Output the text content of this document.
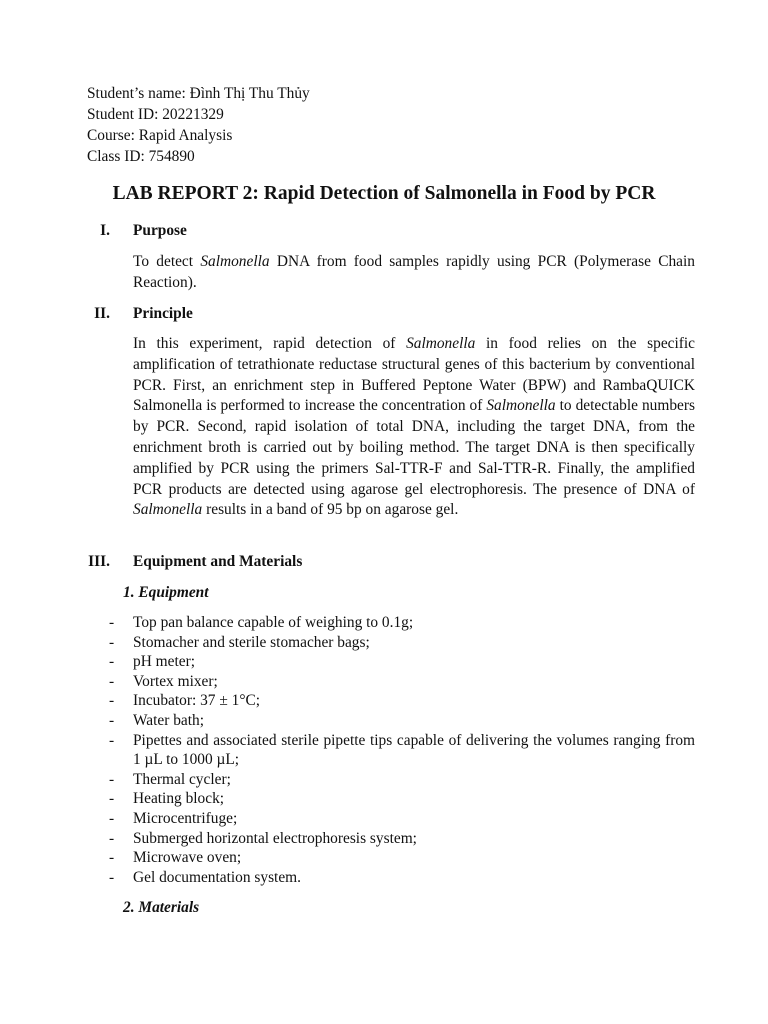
Student’s name: Đình Thị Thu Thủy
Student ID: 20221329
Course: Rapid Analysis
Class ID: 754890
LAB REPORT 2: Rapid Detection of Salmonella in Food by PCR
I. Purpose
To detect Salmonella DNA from food samples rapidly using PCR (Polymerase Chain Reaction).
II. Principle
In this experiment, rapid detection of Salmonella in food relies on the specific amplification of tetrathionate reductase structural genes of this bacterium by conventional PCR. First, an enrichment step in Buffered Peptone Water (BPW) and RambaQUICK Salmonella is performed to increase the concentration of Salmonella to detectable numbers by PCR. Second, rapid isolation of total DNA, including the target DNA, from the enrichment broth is carried out by boiling method. The target DNA is then specifically amplified by PCR using the primers Sal-TTR-F and Sal-TTR-R. Finally, the amplified PCR products are detected using agarose gel electrophoresis. The presence of DNA of Salmonella results in a band of 95 bp on agarose gel.
III. Equipment and Materials
1. Equipment
- Top pan balance capable of weighing to 0.1g;
- Stomacher and sterile stomacher bags;
- pH meter;
- Vortex mixer;
- Incubator: 37 ± 1°C;
- Water bath;
- Pipettes and associated sterile pipette tips capable of delivering the volumes ranging from 1 µL to 1000 µL;
- Thermal cycler;
- Heating block;
- Microcentrifuge;
- Submerged horizontal electrophoresis system;
- Microwave oven;
- Gel documentation system.
2. Materials
